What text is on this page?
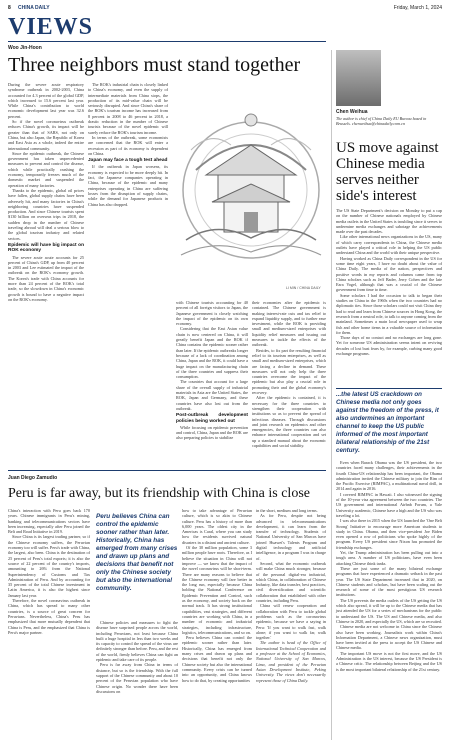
8 CHINA DAILY	Friday, March 1, 2024
VIEWS
Woo Jin-Hoon
Three neighbors must stand together

During the severe acute respiratory syndrome outbreak in 2002-2003, China accounted for 4.3 percent of the global GDP, which increased to 15.6 percent last year. While China's contribution to world economic development last year was 32.6 percent.

So if the novel coronavirus outbreak reduces China's growth, its impact will be greater than that of SARS, not only on China, but also Japan, the Republic of Korea and East Asia as a whole, indeed the entire international community.

Since the epidemic outbreak, the Chinese government has taken unprecedented measures to prevent and control the disease, which while practically crashing the economy, temporarily freezes much of the domestic market and suspended the operation of many factories.

Thanks to the epidemic, global oil prices have fallen, global supply chains have been adversely hit, and many factories in China's neighboring countries have suspended production. And since Chinese tourists spent $130 billion on overseas trips in 2018, the sudden drop in the number of Chinese traveling abroad will deal a serious blow to the global tourism industry and related sectors.

Epidemic will have big impact on ROK economy

The severe acute acute accounts for 25 percent of China's GDP, up from 40 percent in 2003 and Lee estimated the impact of the outbreak on the ROK's economy growth. The Korea's trade with China accounts for more than 24 percent of the ROK's total trade, so the slowdown in China's economic growth is bound to have a negative impact on the ROK's economy.

The ROK's industrial chain is closely linked to China's economy, and even the supply of intermediate materials from China stops, the production of its mid-value chain will be seriously disrupted. And since China's share of the ROK's tourism income has increased from 8 percent in 2008 to 46 percent in 2018, a drastic reduction in the number of Chinese tourists because of the novel epidemic will surely reduce the ROK's tourism income.

In terms of the outbreak, some economists are concerned that the ROK will enter a recession as part of its economy is dependent on China.

Japan may face a tough test ahead

If the outbreak in Japan worsens, its economy is expected to be more deeply hit. In fact, the Japanese companies operating in China, because of the epidemic and many enterprises operating in China are suffering losses from the disruption of supply chains, while the demand for Japanese products in China has also dropped.

LI MIN / CHINA DAILY

with Chinese tourists accounting for 40 percent of all foreign visitors to Japan, the Japanese government is closely watching the impact of the epidemic on its own economy.

Considering that the East Asian value chain is now centered on China, it will greatly benefit Japan and the ROK if China contains the epidemic sooner rather than later. If the epidemic outbreaks longer because of a lack of coordination among China, Japan and the ROK, it could have a huge impact on the manufacturing chain of the three countries and suppress their consumption.

The countries that account for a large share of the overall supply of industrial materials in Asia are the United States, the ROK, Japan and Germany, and these countries have also lost out from the outbreak.

Post-outbreak development policies being worked out

While focusing on epidemic prevention and control, China, Japan and the ROK are also preparing policies to stabilize

their economies after the epidemic is contained. The Chinese government is making interest-rate cuts and tax relief to expand liquidity supply, and to further ease investment, while the ROK is providing small and medium-sized enterprises with liquidity relief measures and issuing out measures to tackle the effects of the outbreak.

Besides, to fix part the resulting financial relief to its tourism enterprises, as well as small and medium-sized enterprises, which are facing a decline in demand. These measures will not only help the three countries overcome the impact of the epidemic but also play a crucial role in promoting their and the global economy's recovery.

After the epidemic is contained, it is necessary for the three countries to strengthen their cooperation with institutions so as to prevent the spread of infectious diseases. Through discussions and joint research on epidemics and other emergencies, the three countries can also enhance international cooperation and set up a standard manual about the economic capabilities and social stability.

Juan Diego Zamudio
Peru is far away, but its friendship with China is close

China's interaction with Peru goes back 170 years. Chinese immigrants in Peru's mining, banking and telecommunications sectors have been increasing, especially after Peru joined the Belt and Road Initiative in 2019.

Since China is its largest trading partner, so if the Chinese economy suffers, the Peruvian economy too will suffer. Peru's trade with China, the largest, also been. China is the destination of 25 percent of Peru's total exports; it is also the source of 22 percent of the country's imports, amounting to 26% from the National Superintendency of Customs and Tax Administration of Peru. And by accounting for 35 percent of the total Chinese investment in Latin America, it is also the highest since January last year.

Therefore, the novel coronavirus outbreak in China, which has spread to many other countries, is a source of great concern for Peruvians. Nevertheless, China's Peru has emphasized that more mutually dependent that China is Peru, and the emphasized that China is Peru's major partner.

Peru believes China can control the epidemic sooner rather than later. Historically, China has emerged from many crises and drawn up plans and decisions that benefit not only the Chinese society but also the international community.

Chinese policies and measures to fight the disease have surprised people across the world, including Peruvians, not least because China built a huge hospital in less than two weeks and its capacity to control the spread of the virus are definitely stronger than before. Peru, and the rest of the world, firmly believes China can fight an epidemic and take care of its people.

Peru is far away from China in terms of distance, but so is the friendship. With the full support of the Chinese community and about 10 percent of the Peruvian population who have Chinese origin. No wonder there have been discussions on

how to take advantage of Peruvian culture, which is so akin to Chinese culture. Peru has a history of more than 6,000 years. The oldest city in the Americas is Caral, where you can study how the residents survived natural disasters in a distant and ancient culture.

Of the 30 million population, some 3 million people have roots. Therefore, as I believe the situation in China will not improve — we know that the impact of the novel coronavirus will be short-term. There are many reasons to believe that the Chinese economy will fare better in the long run, especially because China holding the National Conference on Epidemic Prevention and Control, such as the economy, and society back on the normal track. It has strong institutional capabilities, vast strategies, and different countries are working with China, in a number of economic and industrial strategies, including infrastructure, logistics, telecommunications, and so on.

Peru believes China can control the epidemic sooner rather than later. Historically, China has emerged from many crises and drawn up plans and decisions that benefit not only the Chinese society but also the international community. Every crisis can be turned into an opportunity, and China knows how to do that, by creating opportunities

in the short, medium and long terms.

As for Peru, despite not being advanced in telecommunications development, it can learn from the transfer of technology. Students of National University of San Marcos have joined Huawei's Talents Program and digital technology and artificial intelligence, in a program I was in charge of.

Second, what the economic outbreak will make China much stronger, because of the personal digital-era industrial, which China, in collaboration of Chinese Industry, like data transfer, best practices, civil diversification and scientific collaboration that established with other countries, including Peru.

China will renew cooperation and collaboration with Peru to tackle global problems such as the coronavirus epidemic, because we have a saying in Peru: 'If you want to walk fast, walk alone; if you want to walk far, walk together.'

The author is head of the Office of International Technical Cooperation and a professor at the School of Economics, National University of San Marcos, Lima, and president of the Peruvian Asian Development Institute, Peking University. The views don't necessarily represent those of China Daily.

Chen Weihua
The author is chief of China Daily EU Bureau based in Brussels. chenweihua@chinadaily.com.cn
US move against Chinese media serves neither side's interest

The US State Department's decision on Monday to put a cap on the number of Chinese nationals employed by Chinese media outlets in the United States is troubling since it serves to undermine media exchanges and sabotage the achievements made over the past decades.

Like other international news organizations in the US, many of which carry correspondents in China, the Chinese media outlets have played a critical role in helping the US public understand China and the world with their unique perspective.

Having worked as China Daily correspondent in the US for some time eight years, I have no doubt about the value of China Daily. The media of the nation, perspectives and positive words in my reports and columns came from top China scholars such as Jeff Bader, Jerry Cohen and the late Ezra Vogel, although that was a crucial of the Chinese government from time to time.

Some scholars I had the occasion to talk to began their studies on China in the 1960s when the two countries had no diplomatic ties. Since those scholars could not visit China they had to read and learn from Chinese sources in Hong Kong, the research from a neutral role, to talk to anyone coming from the mainland. Sometimes a main local newspaper used to wrap fish and other home items in a valuable source of information for them.

Those days of no contact and no exchanges are long gone. Yet for someone US administration seems intent on reviving decades of lost bust fears by, for example, curbing many good exchange programs.

...the latest US crackdown on Chinese media not only goes against the freedom of the press, it also undermines an important channel to keep the US public informed of the most important bilateral relationship of the 21st century.

Even when Barack Obama was the US president, the two countries faced many challenges, their achievements in the fourth China-US relationship has been important, the Obama administration invited the Chinese military to join the Rim of the Pacific Exercise (RIMPAC), a multinational naval drill, in 2014 and again in 2016.

I covered RIMPAC in Hawaii. I also witnessed the signing of the 10-year visa agreement between the two countries. The US government and international Airbnb Forum, a Yale University academic, Chinese have a high and the US who was traveling a lot.

I was also there in 2015 when the US launched the 'One Belt Strong' Initiative to encourage more American students to study in China. Obama, and then vice-president Joe Biden even opened a row of politicians who spoke highly of the program. Every US president since Nixon has promoted the friendship exchanges.

Yet, the Trump administration has been pulling out into a tough area. A number of US politicians, have even been attacking Chinese think tanks.

These are just some of the many bilateral exchange programs that have experienced a dramatic setback in the past year. The US State Department increased that in 2020, on Chinese students and scholars, but have been scaling out the research of some of the most prestigious US research institutions.

The US prevents the media outlets of the US getting the US which also spread, it will be up to the Chinese media that has just attended the US for a series of mechanisms for the public to understand the US. The US and Chinese media, and also Chinese in 2020, and especially the US, which are so recruited.

Chinese media are not welcome in China since the Chinese also have been working. Journalists work within China's Information Department, a Chinese news organization, must have been invited at the press to accept the US Chinese and Chinese media.

The important US move is not the first move, and the US Administration is the US interest, because the US President is a Chinese critic. The relationship between Beijing and the US is the most important bilateral relationship of the 21st century.
